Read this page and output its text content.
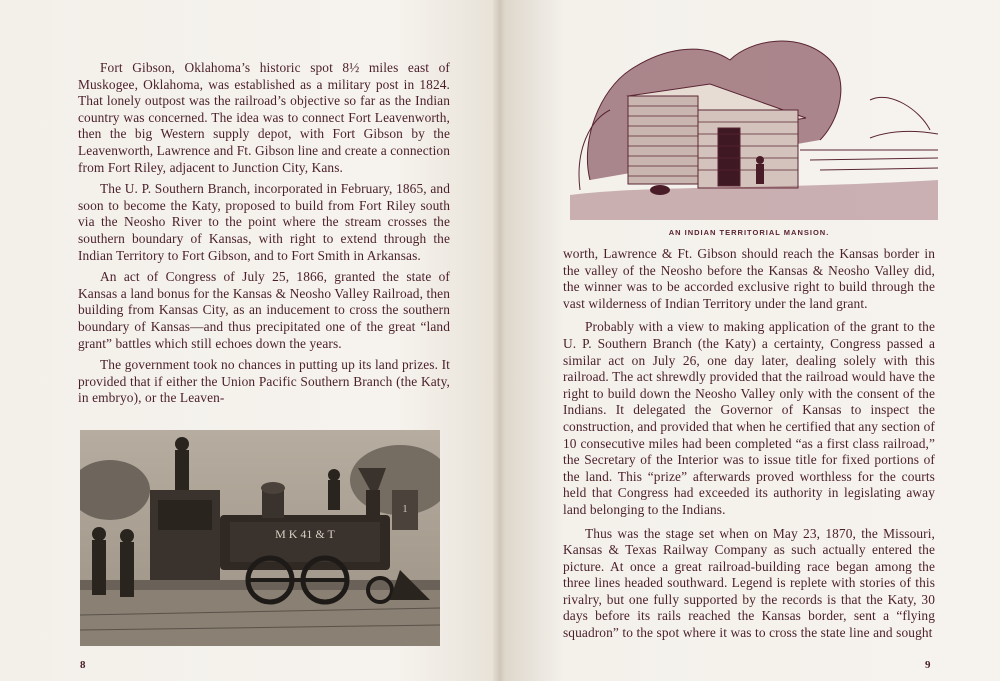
Fort Gibson, Oklahoma’s historic spot 8½ miles east of Muskogee, Oklahoma, was established as a military post in 1824. That lonely outpost was the railroad’s objective so far as the Indian country was concerned. The idea was to connect Fort Leavenworth, then the big Western supply depot, with Fort Gibson by the Leavenworth, Lawrence and Ft. Gibson line and create a connection from Fort Riley, adjacent to Junction City, Kans.

The U. P. Southern Branch, incorporated in February, 1865, and soon to become the Katy, proposed to build from Fort Riley south via the Neosho River to the point where the stream crosses the southern boundary of Kansas, with right to extend through the Indian Territory to Fort Gibson, and to Fort Smith in Arkansas.

An act of Congress of July 25, 1866, granted the state of Kansas a land bonus for the Kansas & Neosho Valley Railroad, then building from Kansas City, as an inducement to cross the southern boundary of Kansas—and thus precipitated one of the great “land grant” battles which still echoes down the years.

The government took no chances in putting up its land prizes. It provided that if either the Union Pacific Southern Branch (the Katy, in embryo), or the Leaven-

M K 41 & T
1
8
AN INDIAN TERRITORIAL MANSION.

worth, Lawrence & Ft. Gibson should reach the Kansas border in the valley of the Neosho before the Kansas & Neosho Valley did, the winner was to be accorded exclusive right to build through the vast wilderness of Indian Territory under the land grant.

Probably with a view to making application of the grant to the U. P. Southern Branch (the Katy) a certainty, Congress passed a similar act on July 26, one day later, dealing solely with this railroad. The act shrewdly provided that the railroad would have the right to build down the Neosho Valley only with the consent of the Indians. It delegated the Governor of Kansas to inspect the construction, and provided that when he certified that any section of 10 consecutive miles had been completed “as a first class railroad,” the Secretary of the Interior was to issue title for fixed portions of the land. This “prize” afterwards proved worthless for the courts held that Congress had exceeded its authority in legislating away land belonging to the Indians.

Thus was the stage set when on May 23, 1870, the Missouri, Kansas & Texas Railway Company as such actually entered the picture. At once a great railroad-building race began among the three lines headed southward. Legend is replete with stories of this rivalry, but one fully supported by the records is that the Katy, 30 days before its rails reached the Kansas border, sent a “flying squadron” to the spot where it was to cross the state line and sought

9
